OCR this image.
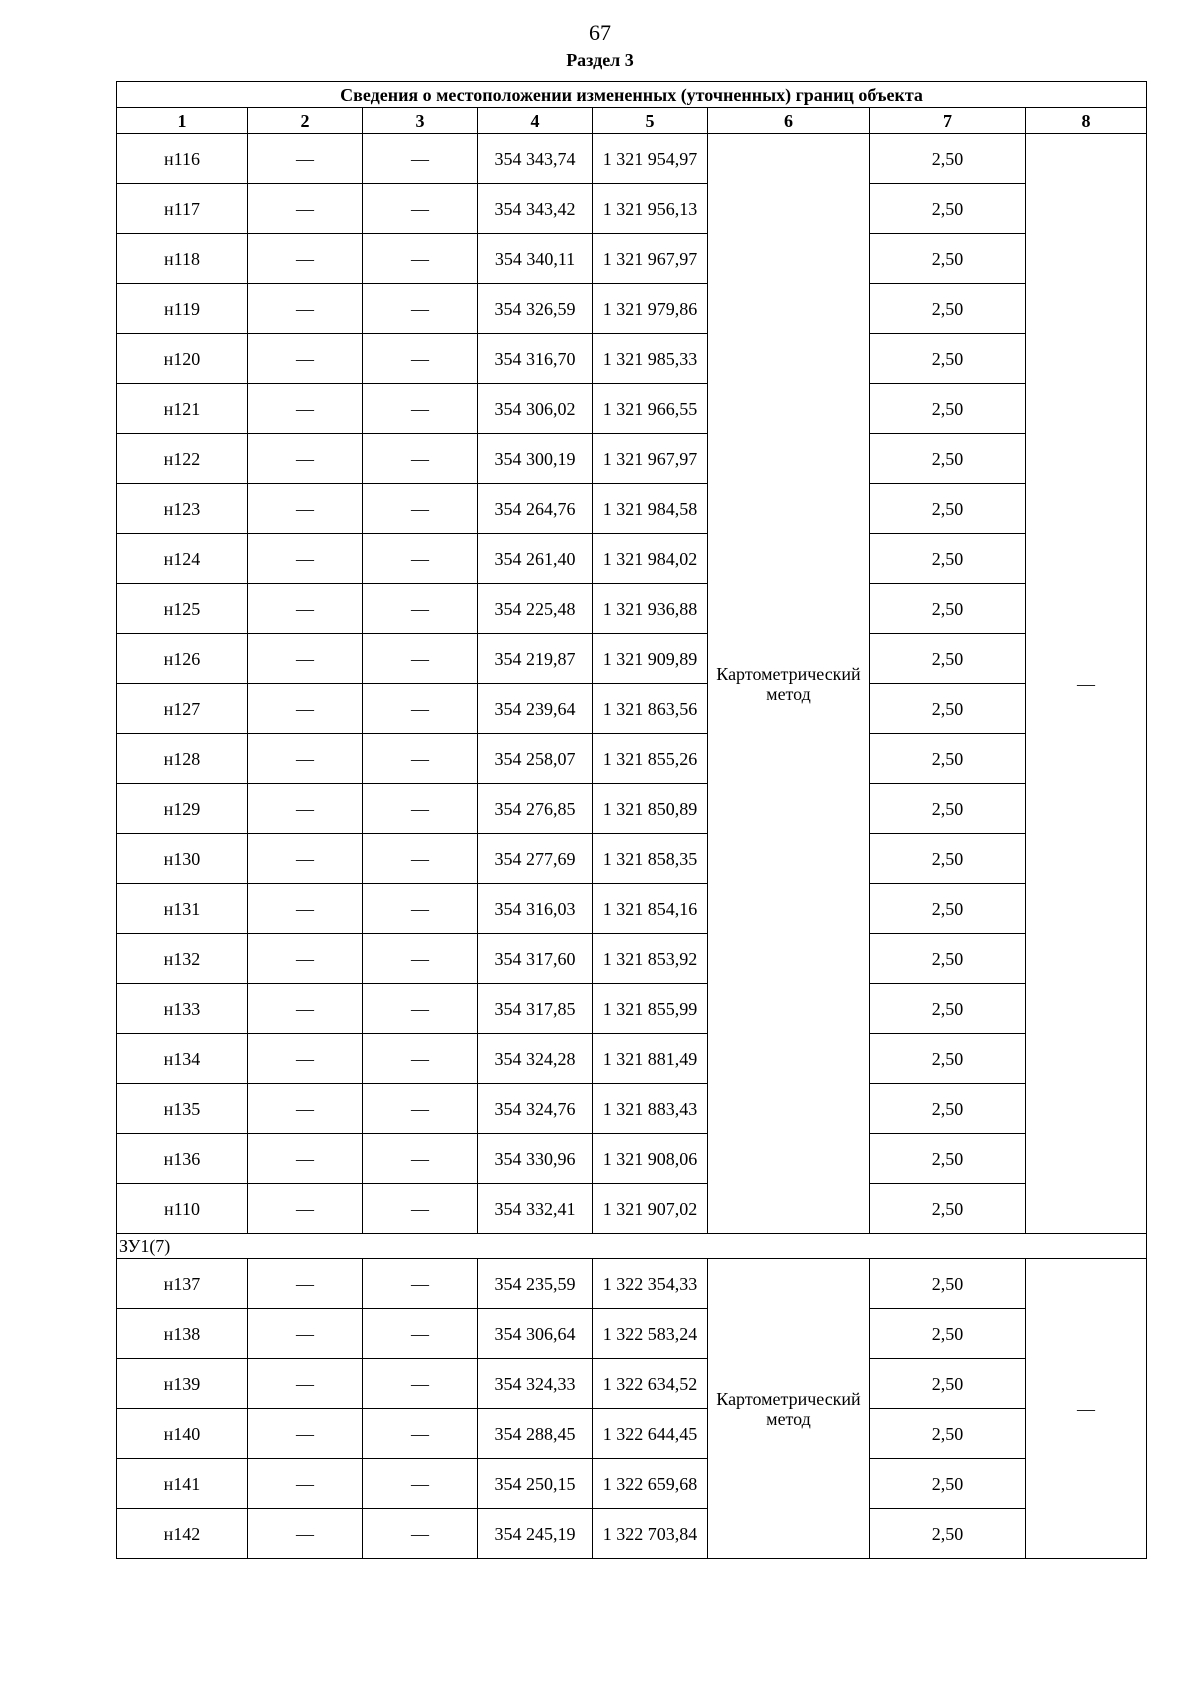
67
Раздел 3
Сведения о местоположении измененных (уточненных) границ объекта							
1	2	3	4	5	6	7	8
н116	—	—	354 343,74	1 321 954,97	Картометрический метод	2,50	—
н117	—	—	354 343,42	1 321 956,13		2,50	
н118	—	—	354 340,11	1 321 967,97		2,50	
н119	—	—	354 326,59	1 321 979,86		2,50	
н120	—	—	354 316,70	1 321 985,33		2,50	
н121	—	—	354 306,02	1 321 966,55		2,50	
н122	—	—	354 300,19	1 321 967,97		2,50	
н123	—	—	354 264,76	1 321 984,58		2,50	
н124	—	—	354 261,40	1 321 984,02		2,50	
н125	—	—	354 225,48	1 321 936,88		2,50	
н126	—	—	354 219,87	1 321 909,89		2,50	
н127	—	—	354 239,64	1 321 863,56		2,50	
н128	—	—	354 258,07	1 321 855,26		2,50	
н129	—	—	354 276,85	1 321 850,89		2,50	
н130	—	—	354 277,69	1 321 858,35		2,50	
н131	—	—	354 316,03	1 321 854,16		2,50	
н132	—	—	354 317,60	1 321 853,92		2,50	
н133	—	—	354 317,85	1 321 855,99		2,50	
н134	—	—	354 324,28	1 321 881,49		2,50	
н135	—	—	354 324,76	1 321 883,43		2,50	
н136	—	—	354 330,96	1 321 908,06		2,50	
н110	—	—	354 332,41	1 321 907,02		2,50	
ЗУ1(7)							
н137	—	—	354 235,59	1 322 354,33	Картометрический метод	2,50	—
н138	—	—	354 306,64	1 322 583,24		2,50	
н139	—	—	354 324,33	1 322 634,52		2,50	
н140	—	—	354 288,45	1 322 644,45		2,50	
н141	—	—	354 250,15	1 322 659,68		2,50	
н142	—	—	354 245,19	1 322 703,84		2,50	
